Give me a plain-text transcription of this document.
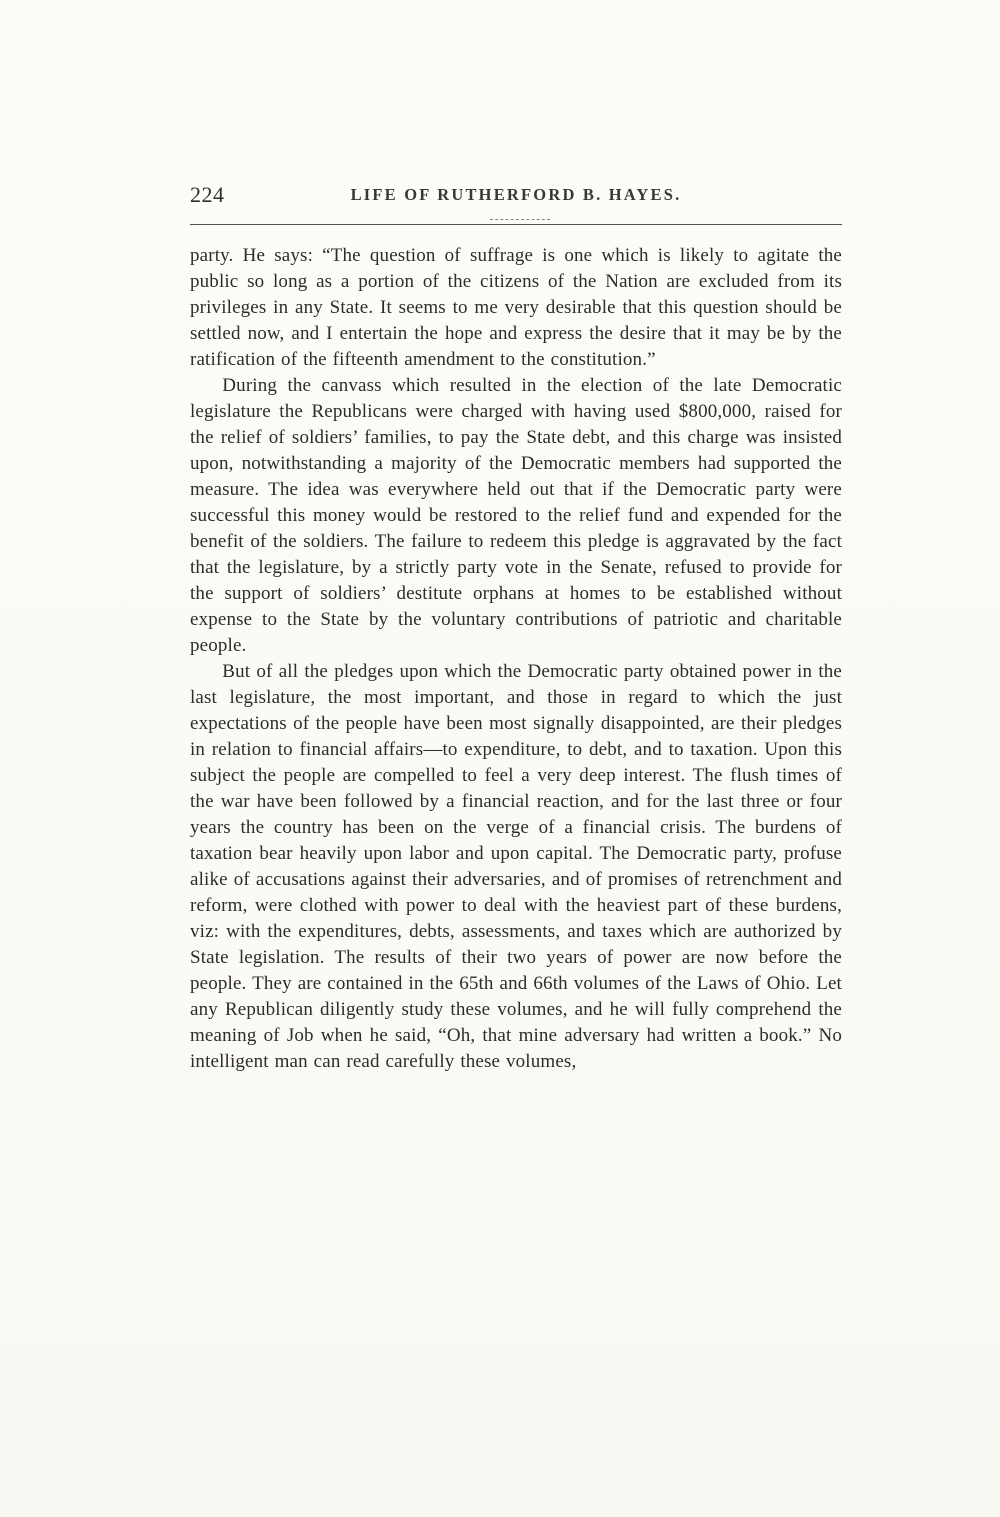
224	LIFE OF RUTHERFORD B. HAYES.

party. He says: “The question of suffrage is one which is likely to agitate the public so long as a portion of the citizens of the Nation are excluded from its privileges in any State. It seems to me very desirable that this question should be settled now, and I entertain the hope and express the desire that it may be by the ratification of the fifteenth amendment to the constitution.”

During the canvass which resulted in the election of the late Democratic legislature the Republicans were charged with having used $800,000, raised for the relief of soldiers’ families, to pay the State debt, and this charge was insisted upon, notwithstanding a majority of the Democratic members had supported the measure. The idea was everywhere held out that if the Democratic party were successful this money would be restored to the relief fund and expended for the benefit of the soldiers. The failure to redeem this pledge is aggravated by the fact that the legislature, by a strictly party vote in the Senate, refused to provide for the support of soldiers’ destitute orphans at homes to be established without expense to the State by the voluntary contributions of patriotic and charitable people.

But of all the pledges upon which the Democratic party obtained power in the last legislature, the most important, and those in regard to which the just expectations of the people have been most signally disappointed, are their pledges in relation to financial affairs—to expenditure, to debt, and to taxation. Upon this subject the people are compelled to feel a very deep interest. The flush times of the war have been followed by a financial reaction, and for the last three or four years the country has been on the verge of a financial crisis. The burdens of taxation bear heavily upon labor and upon capital. The Democratic party, profuse alike of accusations against their adversaries, and of promises of retrenchment and reform, were clothed with power to deal with the heaviest part of these burdens, viz: with the expenditures, debts, assessments, and taxes which are authorized by State legislation. The results of their two years of power are now before the people. They are contained in the 65th and 66th volumes of the Laws of Ohio. Let any Republican diligently study these volumes, and he will fully comprehend the meaning of Job when he said, “Oh, that mine adversary had written a book.” No intelligent man can read carefully these volumes,
